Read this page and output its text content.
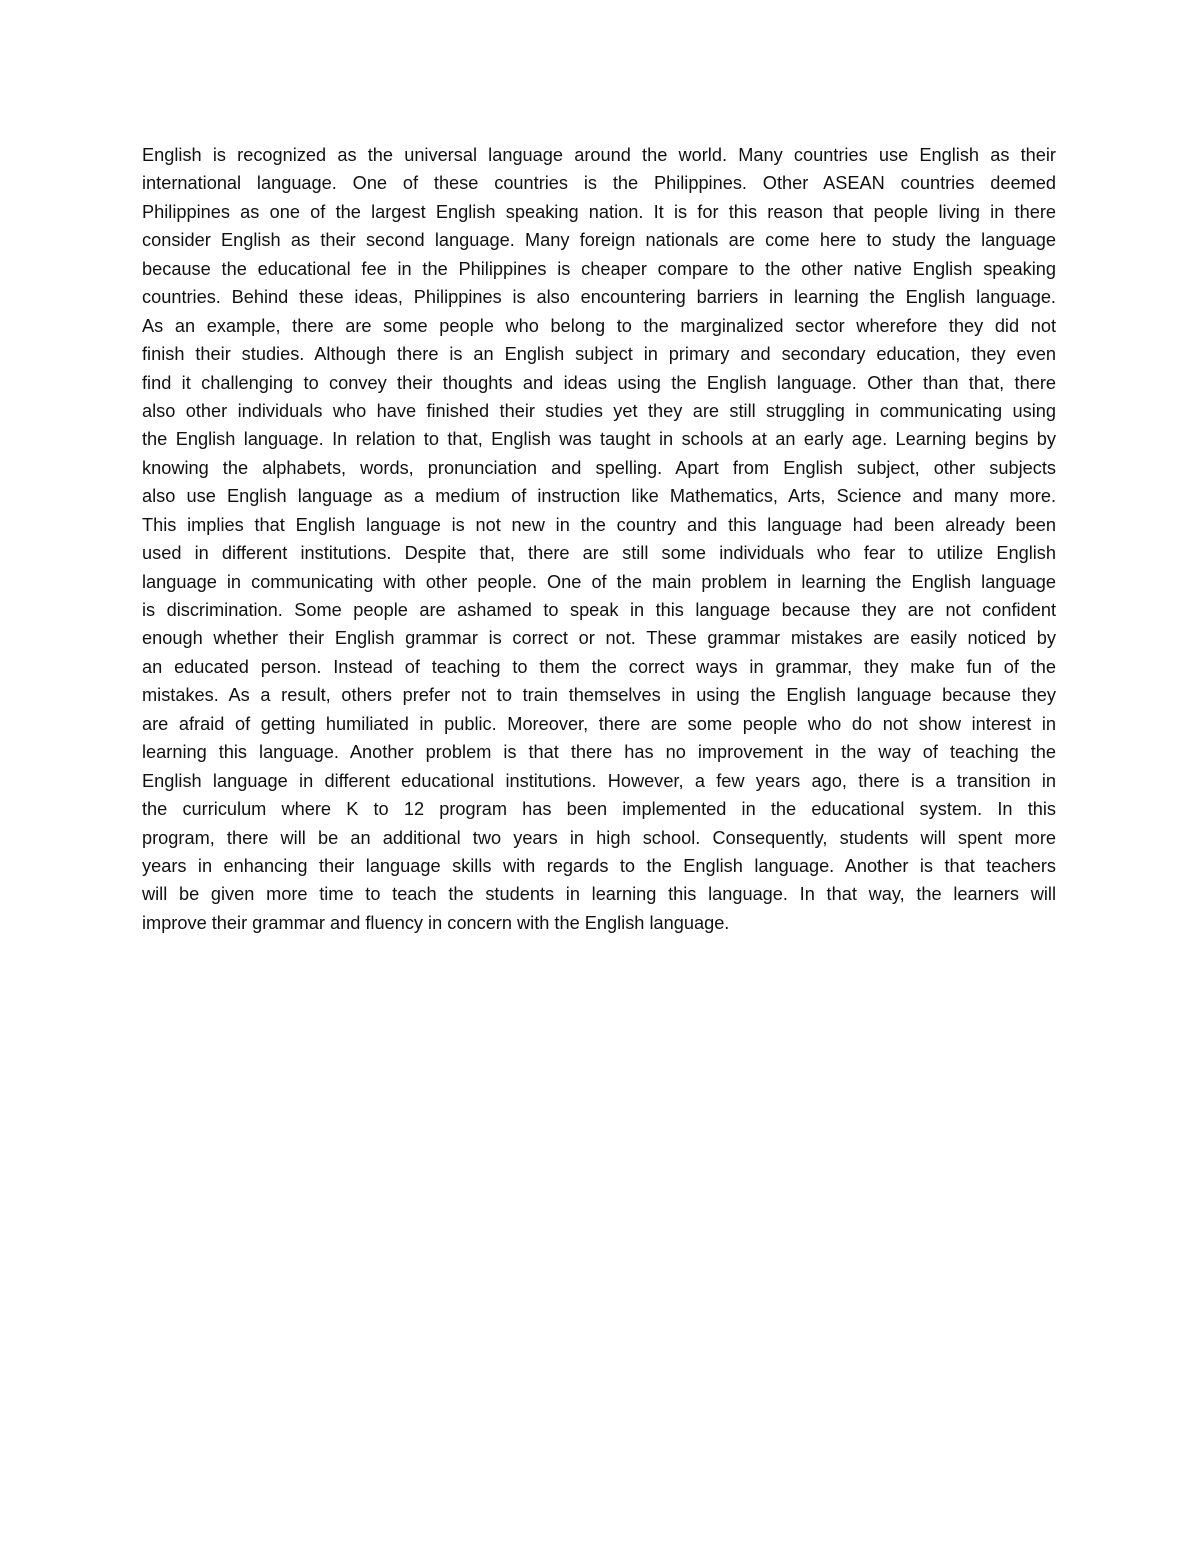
English is recognized as the universal language around the world. Many countries use English as their
international language. One of these countries is the Philippines. Other ASEAN countries deemed
Philippines as one of the largest English speaking nation. It is for this reason that people living in there
consider English as their second language. Many foreign nationals are come here to study the language
because the educational fee in the Philippines is cheaper compare to the other native English speaking
countries. Behind these ideas, Philippines is also encountering barriers in learning the English language.
As an example, there are some people who belong to the marginalized sector wherefore they did not
finish their studies. Although there is an English subject in primary and secondary education, they even
find it challenging to convey their thoughts and ideas using the English language. Other than that, there
also other individuals who have finished their studies yet they are still struggling in communicating using
the English language. In relation to that, English was taught in schools at an early age. Learning begins by
knowing the alphabets, words, pronunciation and spelling. Apart from English subject, other subjects
also use English language as a medium of instruction like Mathematics, Arts, Science and many more.
This implies that English language is not new in the country and this language had been already been
used in different institutions. Despite that, there are still some individuals who fear to utilize English
language in communicating with other people. One of the main problem in learning the English language
is discrimination. Some people are ashamed to speak in this language because they are not confident
enough whether their English grammar is correct or not. These grammar mistakes are easily noticed by
an educated person. Instead of teaching to them the correct ways in grammar, they make fun of the
mistakes. As a result, others prefer not to train themselves in using the English language because they
are afraid of getting humiliated in public. Moreover, there are some people who do not show interest in
learning this language. Another problem is that there has no improvement in the way of teaching the
English language in different educational institutions. However, a few years ago, there is a transition in
the curriculum where K to 12 program has been implemented in the educational system. In this
program, there will be an additional two years in high school. Consequently, students will spent more
years in enhancing their language skills with regards to the English language. Another is that teachers
will be given more time to teach the students in learning this language. In that way, the learners will
improve their grammar and fluency in concern with the English language.
